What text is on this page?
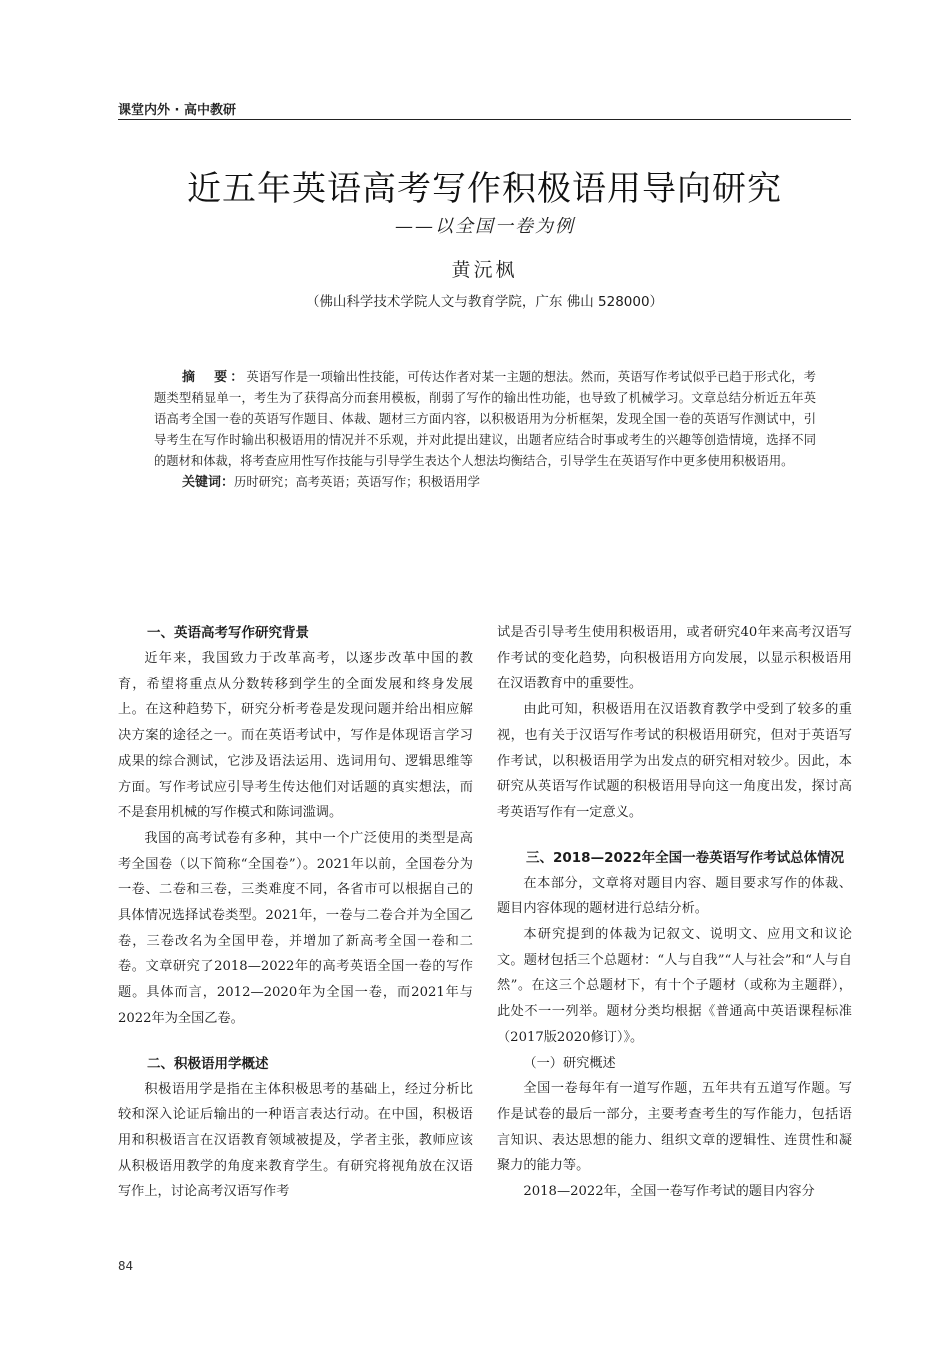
课堂内外 · 高中教研
近五年英语高考写作积极语用导向研究
——以全国一卷为例
黄沅枫
（佛山科学技术学院人文与教育学院，广东 佛山 528000）

摘　要：英语写作是一项输出性技能，可传达作者对某一主题的想法。然而，英语写作考试似乎已趋于形式化，考题类型稍显单一，考生为了获得高分而套用模板，削弱了写作的输出性功能，也导致了机械学习。文章总结分析近五年英语高考全国一卷的英语写作题目、体裁、题材三方面内容，以积极语用为分析框架，发现全国一卷的英语写作测试中，引导考生在写作时输出积极语用的情况并不乐观，并对此提出建议，出题者应结合时事或考生的兴趣等创造情境，选择不同的题材和体裁，将考查应用性写作技能与引导学生表达个人想法均衡结合，引导学生在英语写作中更多使用积极语用。

关键词：历时研究；高考英语；英语写作；积极语用学

一、英语高考写作研究背景

近年来，我国致力于改革高考，以逐步改革中国的教育，希望将重点从分数转移到学生的全面发展和终身发展上。在这种趋势下，研究分析考卷是发现问题并给出相应解决方案的途径之一。而在英语考试中，写作是体现语言学习成果的综合测试，它涉及语法运用、选词用句、逻辑思维等方面。写作考试应引导考生传达他们对话题的真实想法，而不是套用机械的写作模式和陈词滥调。

我国的高考试卷有多种，其中一个广泛使用的类型是高考全国卷（以下简称“全国卷”）。2021年以前，全国卷分为一卷、二卷和三卷，三类难度不同，各省市可以根据自己的具体情况选择试卷类型。2021年，一卷与二卷合并为全国乙卷，三卷改名为全国甲卷，并增加了新高考全国一卷和二卷。文章研究了2018—2022年的高考英语全国一卷的写作题。具体而言，2012—2020年为全国一卷，而2021年与2022年为全国乙卷。

二、积极语用学概述

积极语用学是指在主体积极思考的基础上，经过分析比较和深入论证后输出的一种语言表达行动。在中国，积极语用和积极语言在汉语教育领域被提及，学者主张，教师应该从积极语用教学的角度来教育学生。有研究将视角放在汉语写作上，讨论高考汉语写作考

试是否引导考生使用积极语用，或者研究40年来高考汉语写作考试的变化趋势，向积极语用方向发展，以显示积极语用在汉语教育中的重要性。

由此可知，积极语用在汉语教育教学中受到了较多的重视，也有关于汉语写作考试的积极语用研究，但对于英语写作考试，以积极语用学为出发点的研究相对较少。因此，本研究从英语写作试题的积极语用导向这一角度出发，探讨高考英语写作有一定意义。

三、2018—2022年全国一卷英语写作考试总体情况

在本部分，文章将对题目内容、题目要求写作的体裁、题目内容体现的题材进行总结分析。

本研究提到的体裁为记叙文、说明文、应用文和议论文。题材包括三个总题材：“人与自我”“人与社会”和“人与自然”。在这三个总题材下，有十个子题材（或称为主题群），此处不一一列举。题材分类均根据《普通高中英语课程标准（2017版2020修订）》。

（一）研究概述

全国一卷每年有一道写作题，五年共有五道写作题。写作是试卷的最后一部分，主要考查考生的写作能力，包括语言知识、表达思想的能力、组织文章的逻辑性、连贯性和凝聚力的能力等。

2018—2022年，全国一卷写作考试的题目内容分

84
